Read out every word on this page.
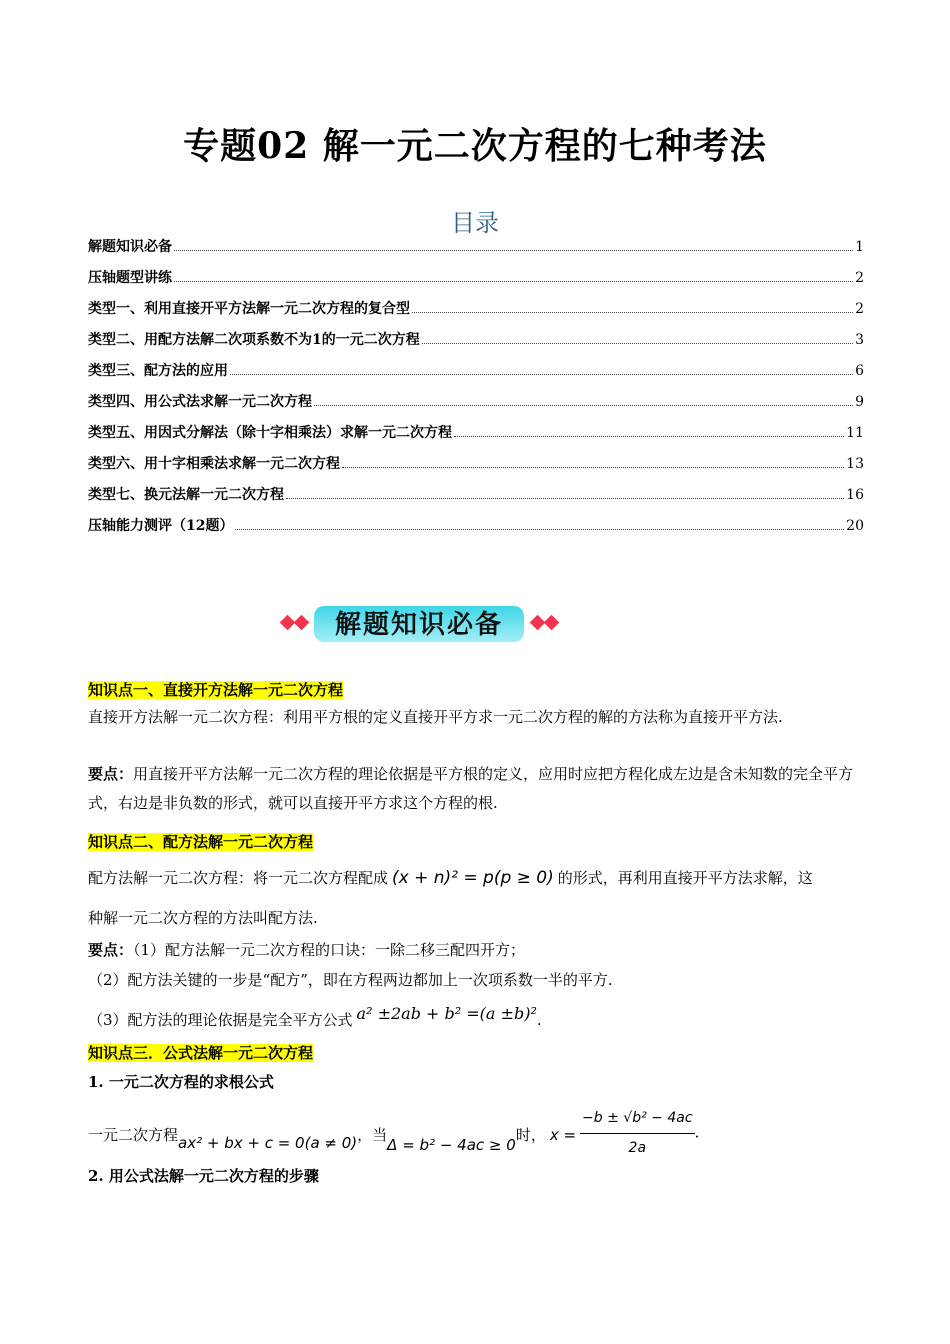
专题02 解一元二次方程的七种考法
目录
解题知识必备	1
压轴题型讲练	2
类型一、利用直接开平方法解一元二次方程的复合型	2
类型二、用配方法解二次项系数不为1的一元二次方程	3
类型三、配方法的应用	6
类型四、用公式法求解一元二次方程	9
类型五、用因式分解法（除十字相乘法）求解一元二次方程	11
类型六、用十字相乘法求解一元二次方程	13
类型七、换元法解一元二次方程	16
压轴能力测评（12题）	20
解题知识必备
知识点一、直接开方法解一元二次方程
直接开方法解一元二次方程：利用平方根的定义直接开平方求一元二次方程的解的方法称为直接开平方法.
要点：用直接开平方法解一元二次方程的理论依据是平方根的定义，应用时应把方程化成左边是含未知数的完全平方式，右边是非负数的形式，就可以直接开平方求这个方程的根.
知识点二、配方法解一元二次方程
配方法解一元二次方程：将一元二次方程配成 (x + n)² = p(p ≥ 0) 的形式，再利用直接开平方法求解，这
种解一元二次方程的方法叫配方法.
要点：（1）配方法解一元二次方程的口诀：一除二移三配四开方；
（2）配方法关键的一步是“配方”，即在方程两边都加上一次项系数一半的平方.
（3）配方法的理论依据是完全平方公式 a² ±2ab + b² =(a ±b)².
知识点三．公式法解一元二次方程
1. 一元二次方程的求根公式
一元二次方程ax² + bx + c = 0(a ≠ 0)，当Δ = b² − 4ac ≥ 0时， $x = \frac{\text{−b ± √b² − 4ac}}{2a}$ .
2. 用公式法解一元二次方程的步骤
